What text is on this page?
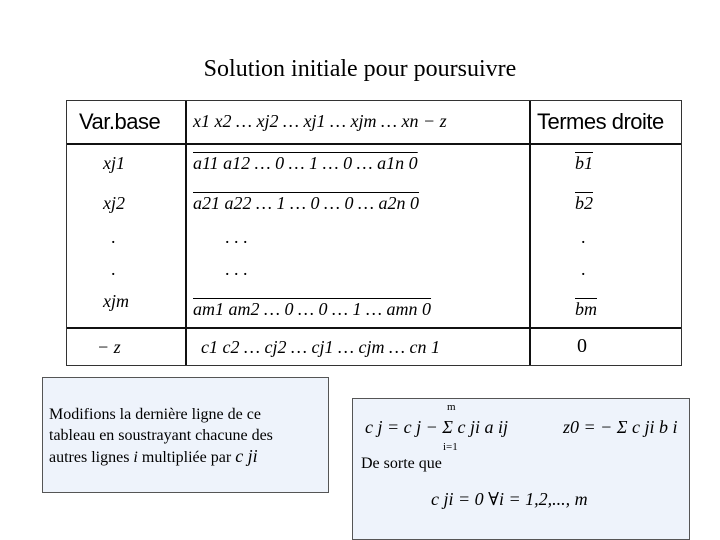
Solution initiale pour poursuivre
Var.base x1 x2 … xj2 … xj1 … xjm … xn − z	Termes droite
xj1	a11 a12 … 0 … 1 … 0 … a1n 0	b1
xj2	a21 a22 … 1 … 0 … 0 … a2n 0	b2
.	. . .	.
.	. . .	.
xjm	am1 am2 … 0 … 0 … 1 … amn 0	$\overline{bm}$
− z	c1 c2 … cj2 … cj1 … cjm … cn 1	0
Modifions la dernière ligne de ce
tableau en soustrayant chacune des
autres lignes i multipliée par c ji
c j = c j − Σ c ji a ij
m
i=1
z0 = − Σ c ji b i
De sorte que
c ji = 0 ∀i = 1,2,..., m
